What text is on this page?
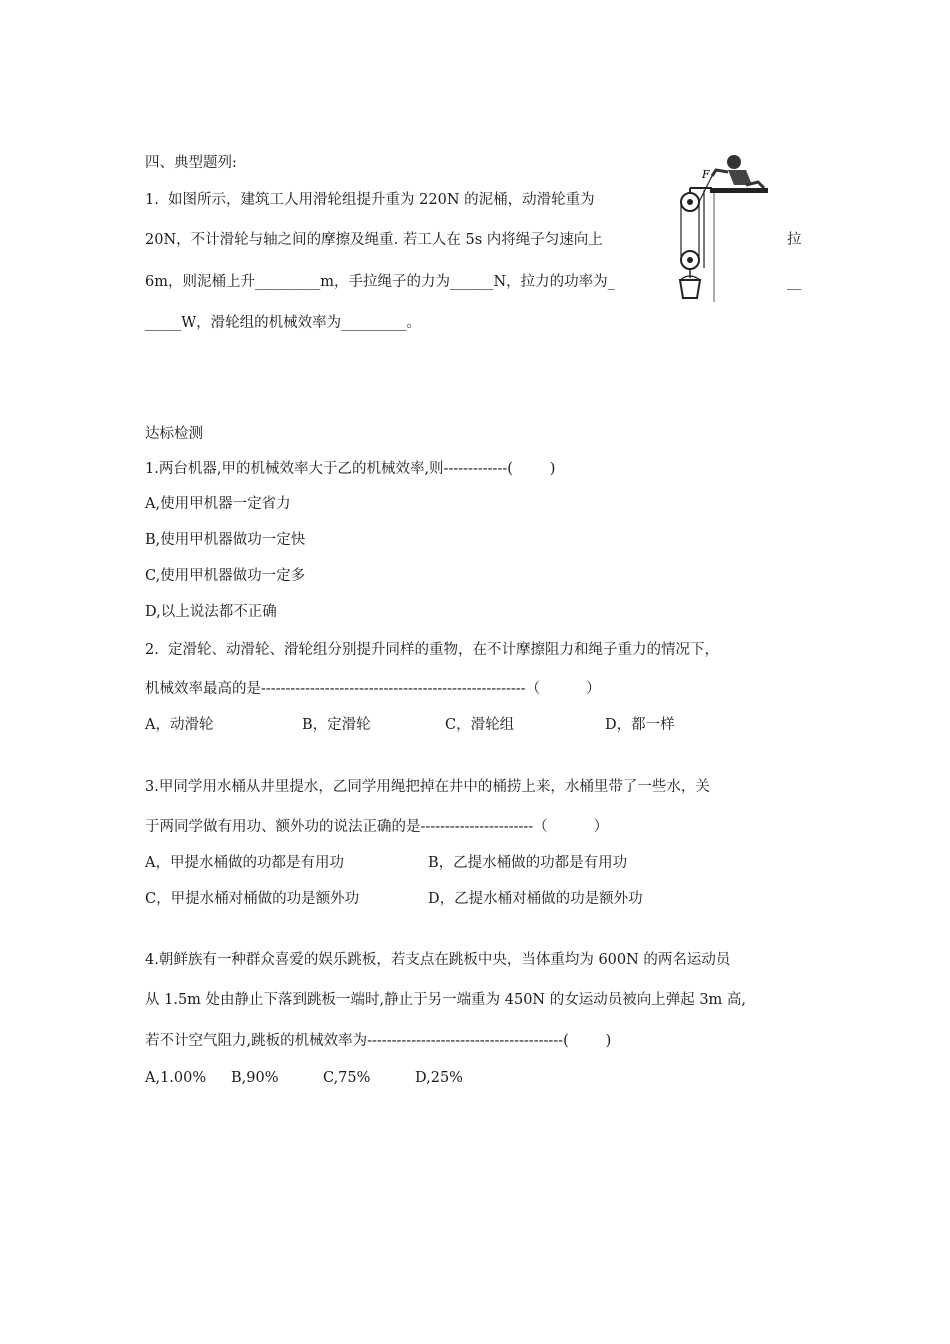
四、典型题列:
1.  如图所示，建筑工人用滑轮组提升重为 220N 的泥桶，动滑轮重为
20N，不计滑轮与轴之间的摩擦及绳重. 若工人在 5s 内将绳子匀速向上	拉
6m，则泥桶上升_________m，手拉绳子的力为______N，拉力的功率为_	__
_____W，滑轮组的机械效率为_________。
F
达标检测
1.两台机器,甲的机械效率大于乙的机械效率,则-------------(        )
A,使用甲机器一定省力
B,使用甲机器做功一定快
C,使用甲机器做功一定多
D,以上说法都不正确
2.  定滑轮、动滑轮、滑轮组分别提升同样的重物，在不计摩擦阻力和绳子重力的情况下，
机械效率最高的是------------------------------------------------------（          ）
A，动滑轮	B，定滑轮	C，滑轮组	D，都一样
3.甲同学用水桶从井里提水，乙同学用绳把掉在井中的桶捞上来，水桶里带了一些水，关
于两同学做有用功、额外功的说法正确的是-----------------------（          ）
A，甲提水桶做的功都是有用功	B，乙提水桶做的功都是有用功
C，甲提水桶对桶做的功是额外功	D，乙提水桶对桶做的功是额外功
4.朝鲜族有一种群众喜爱的娱乐跳板，若支点在跳板中央，当体重均为 600N 的两名运动员
从 1.5m 处由静止下落到跳板一端时,静止于另一端重为 450N 的女运动员被向上弹起 3m 高,
若不计空气阻力,跳板的机械效率为----------------------------------------(        )
A,1.00% B,90%	C,75%	D,25%
